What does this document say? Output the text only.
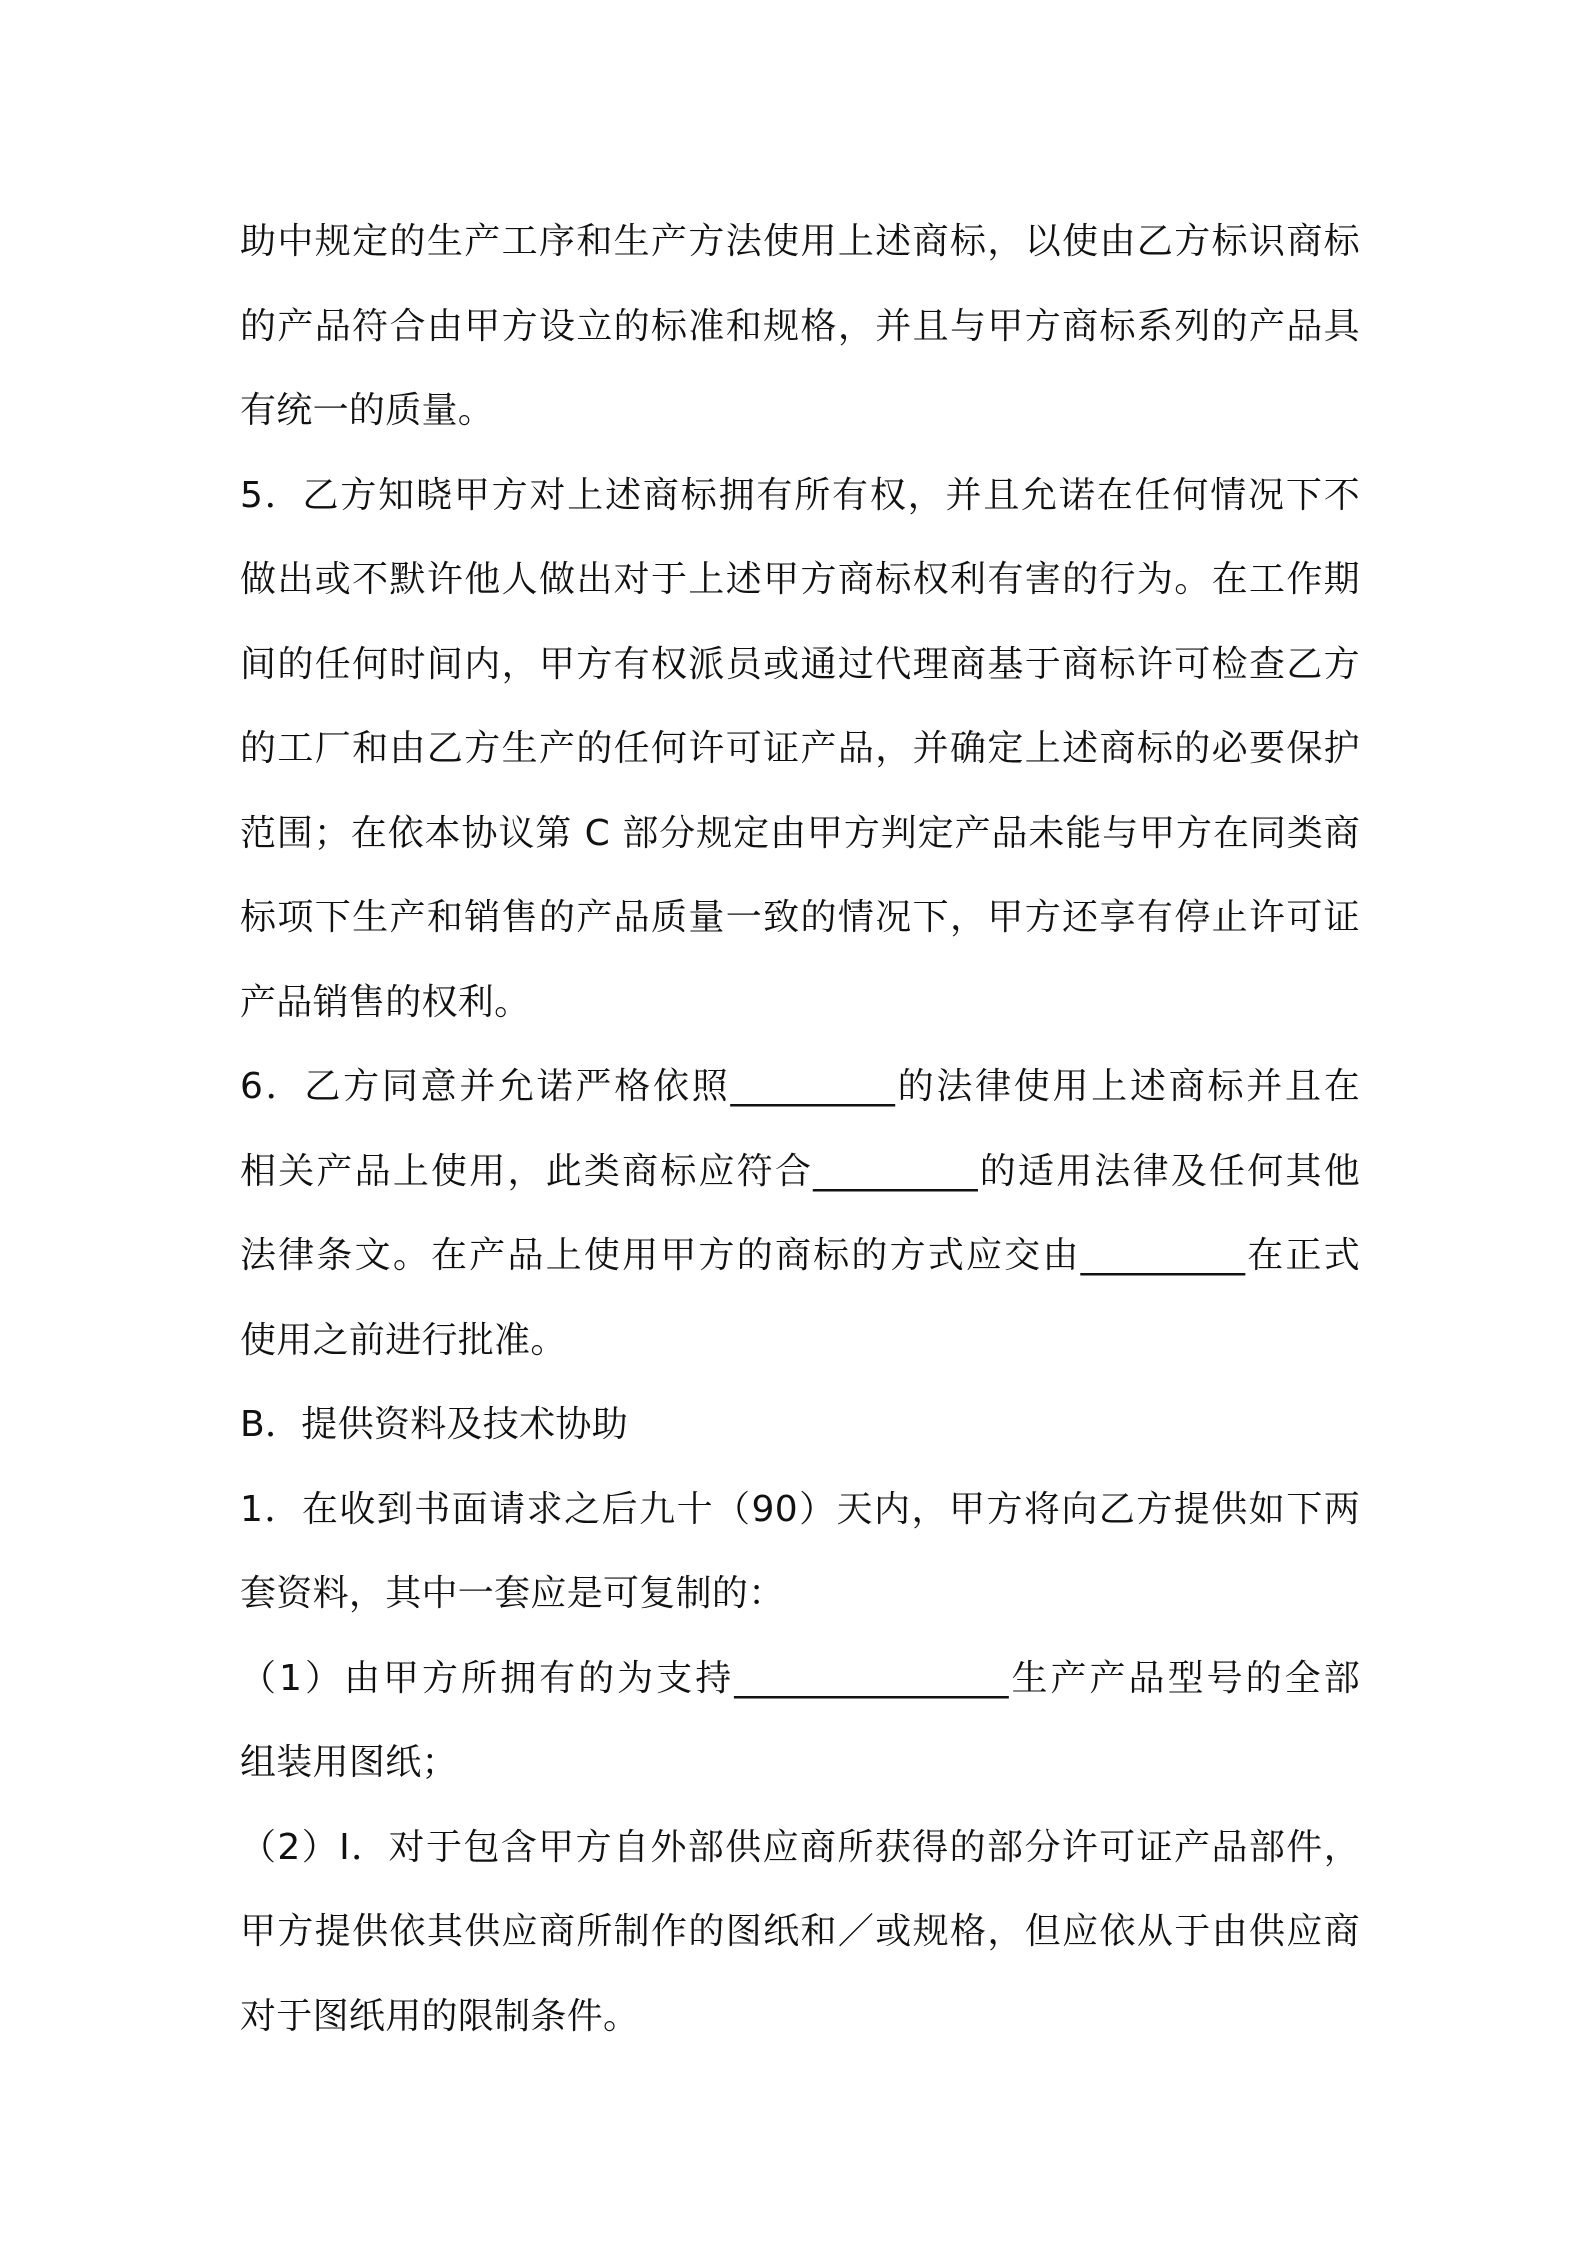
助中规定的生产工序和生产方法使用上述商标，以使由乙方标识商标
的产品符合由甲方设立的标准和规格，并且与甲方商标系列的产品具
有统一的质量。
5．乙方知晓甲方对上述商标拥有所有权，并且允诺在任何情况下不
做出或不默许他人做出对于上述甲方商标权利有害的行为。在工作期
间的任何时间内，甲方有权派员或通过代理商基于商标许可检查乙方
的工厂和由乙方生产的任何许可证产品，并确定上述商标的必要保护
范围；在依本协议第 C 部分规定由甲方判定产品未能与甲方在同类商
标项下生产和销售的产品质量一致的情况下，甲方还享有停止许可证
产品销售的权利。
6．乙方同意并允诺严格依照_________的法律使用上述商标并且在
相关产品上使用，此类商标应符合_________的适用法律及任何其他
法律条文。在产品上使用甲方的商标的方式应交由_________在正式
使用之前进行批准。
B．提供资料及技术协助
1．在收到书面请求之后九十（90）天内，甲方将向乙方提供如下两
套资料，其中一套应是可复制的：
（1）由甲方所拥有的为支持_______________生产产品型号的全部
组装用图纸；
（2）Ⅰ．对于包含甲方自外部供应商所获得的部分许可证产品部件，
甲方提供依其供应商所制作的图纸和／或规格，但应依从于由供应商
对于图纸用的限制条件。
